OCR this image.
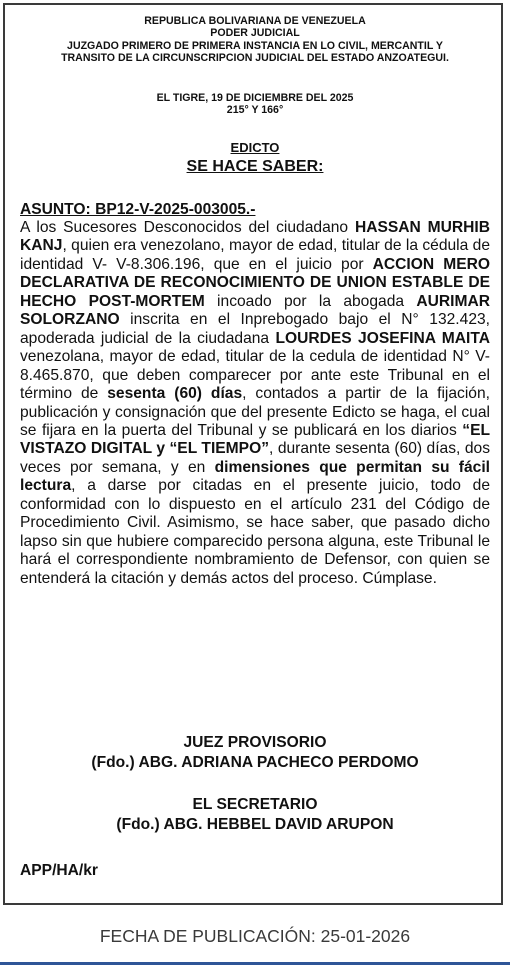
REPUBLICA BOLIVARIANA DE VENEZUELA
PODER JUDICIAL
JUZGADO PRIMERO DE PRIMERA INSTANCIA EN LO CIVIL, MERCANTIL Y
TRANSITO DE LA CIRCUNSCRIPCION JUDICIAL DEL ESTADO ANZOATEGUI.
EL TIGRE, 19 DE DICIEMBRE DEL 2025
215° Y 166°
EDICTO
SE HACE SABER:
ASUNTO: BP12-V-2025-003005.-
A los Sucesores Desconocidos del ciudadano HASSAN MURHIB KANJ, quien era venezolano, mayor de edad, titular de la cédula de identidad V- V-8.306.196, que en el juicio por ACCION MERO DECLARATIVA DE RECONOCIMIENTO DE UNION ESTABLE DE HECHO POST-MORTEM incoado por la abogada AURIMAR SOLORZANO inscrita en el Inprebogado bajo el N° 132.423, apoderada judicial de la ciudadana LOURDES JOSEFINA MAITA venezolana, mayor de edad, titular de la cedula de identidad N° V-8.465.870, que deben comparecer por ante este Tribunal en el término de sesenta (60) días, contados a partir de la fijación, publicación y consignación que del presente Edicto se haga, el cual se fijara en la puerta del Tribunal y se publicará en los diarios “EL VISTAZO DIGITAL y “EL TIEMPO”, durante sesenta (60) días, dos veces por semana, y en dimensiones que permitan su fácil lectura, a darse por citadas en el presente juicio, todo de conformidad con lo dispuesto en el artículo 231 del Código de Procedimiento Civil. Asimismo, se hace saber, que pasado dicho lapso sin que hubiere comparecido persona alguna, este Tribunal le hará el correspondiente nombramiento de Defensor, con quien se entenderá la citación y demás actos del proceso. Cúmplase.
JUEZ PROVISORIO
(Fdo.) ABG. ADRIANA PACHECO PERDOMO
EL SECRETARIO
(Fdo.) ABG. HEBBEL DAVID ARUPON
APP/HA/kr
FECHA DE PUBLICACIÓN: 25-01-2026
